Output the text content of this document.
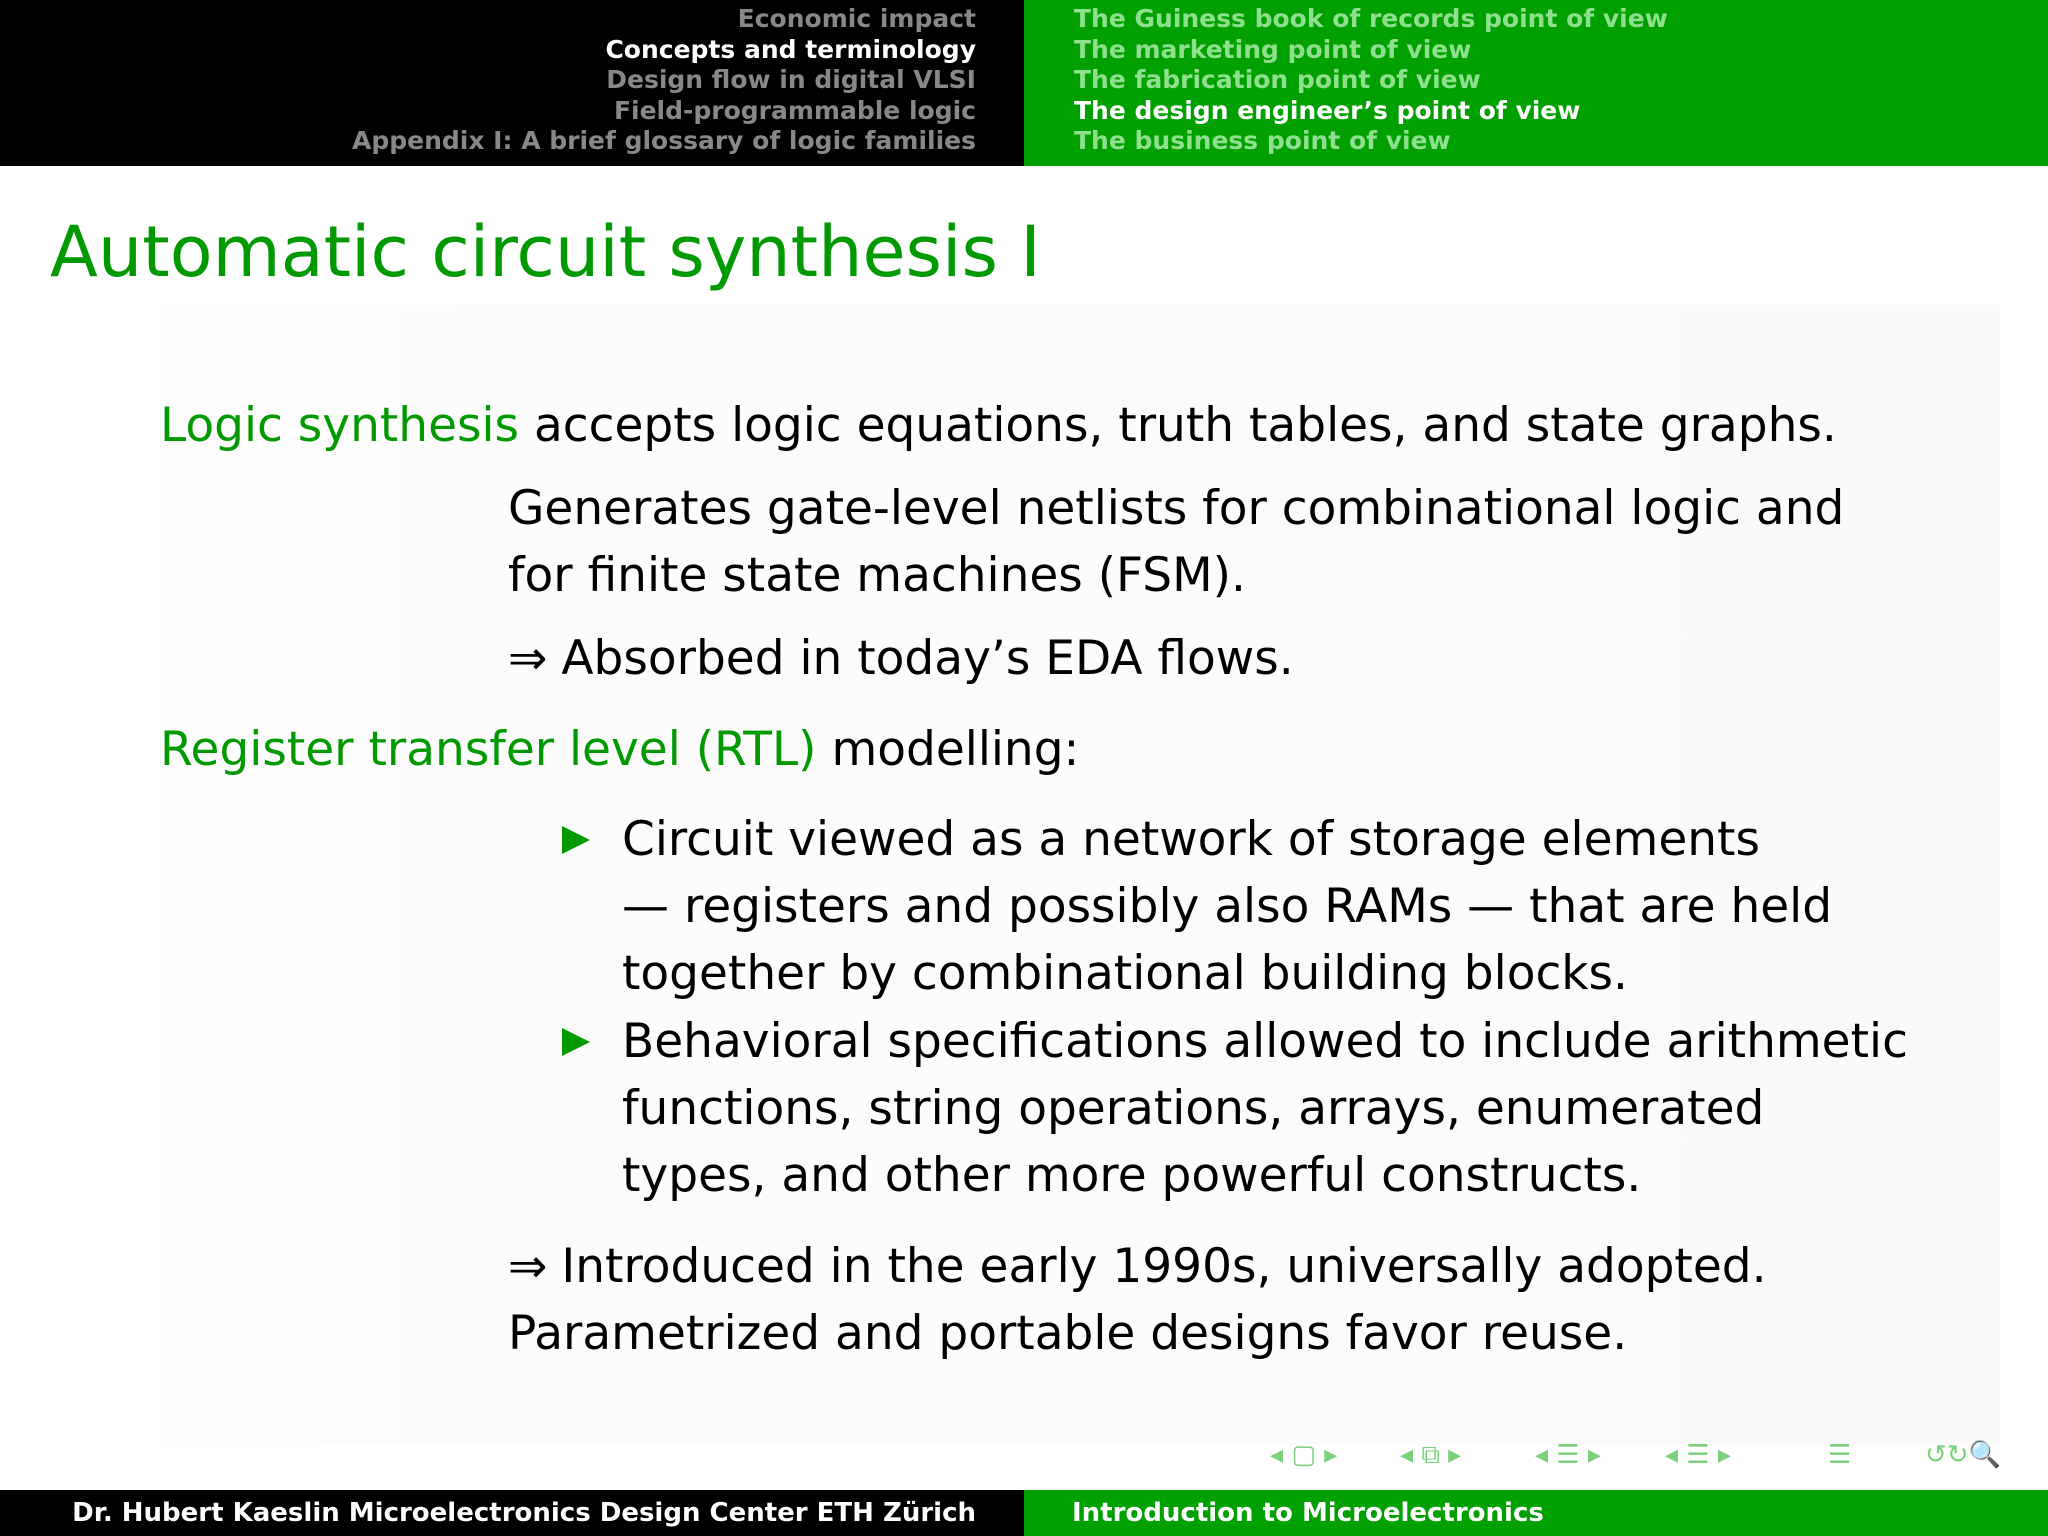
Economic impact
Concepts and terminology
Design flow in digital VLSI
Field-programmable logic
Appendix I: A brief glossary of logic families
The Guiness book of records point of view
The marketing point of view
The fabrication point of view
The design engineer’s point of view
The business point of view
Automatic circuit synthesis I
Logic synthesis accepts logic equations, truth tables, and state graphs.
Generates gate-level netlists for combinational logic and
for finite state machines (FSM).
⇒ Absorbed in today’s EDA flows.
Register transfer level (RTL) modelling:
Circuit viewed as a network of storage elements
— registers and possibly also RAMs — that are held
together by combinational building blocks.
Behavioral specifications allowed to include arithmetic
functions, string operations, arrays, enumerated
types, and other more powerful constructs.
⇒ Introduced in the early 1990s, universally adopted.
Parametrized and portable designs favor reuse.
◂ ▢ ▸ ◂ ⧉ ▸	◂ ☰ ▸ ◂ ☰ ▸	☰	↺↻🔍
Dr. Hubert Kaeslin Microelectronics Design Center ETH Zürich	Introduction to Microelectronics
